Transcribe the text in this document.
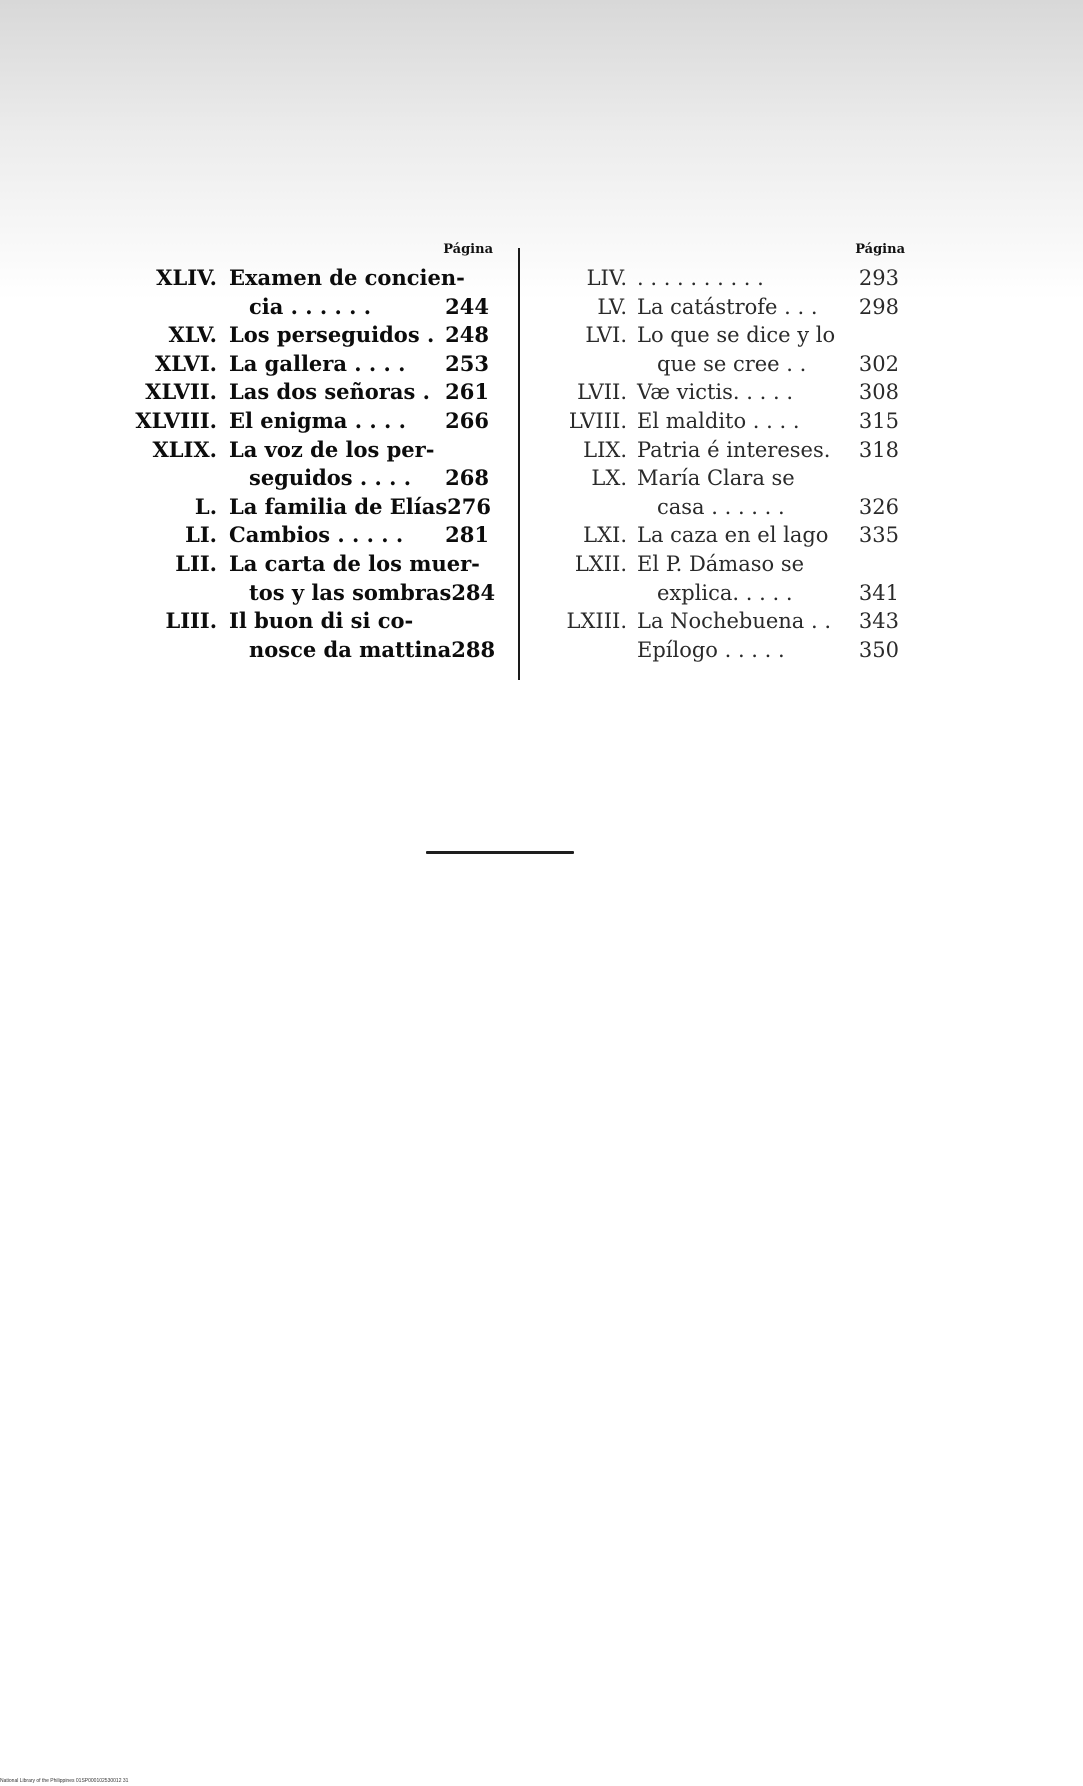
Página
XLIV. Examen de concien-
cia . . . . . .	244
XLV. Los perseguidos . 248
XLVI. La gallera . . . . 253
XLVII. Las dos señoras . 261
XLVIII. El enigma . . . . 266
XLIX. La voz de los per-
seguidos . . . . 268
L. La familia de Elías 276
LI. Cambios . . . . . 281
LII. La carta de los muer-
tos y las sombras 284
LIII. Il buon di si co-
nosce da mattina 288
Página
LIV. . . . . . . . . . .	293
LV. La catástrofe . . . 298
LVI. Lo que se dice y lo
que se cree . .	302
LVII. Væ victis. . . . .	308
LVIII. El maldito . . . .	315
LIX. Patria é intereses. 318
LX. María Clara se
casa . . . . . .	326
LXI. La caza en el lago 335
LXII. El P. Dámaso se
explica. . . . .	341
LXIII. La Nochebuena . . 343
Epílogo . . . . .	350
National Library of the Philippines 01SP000102530012 31
